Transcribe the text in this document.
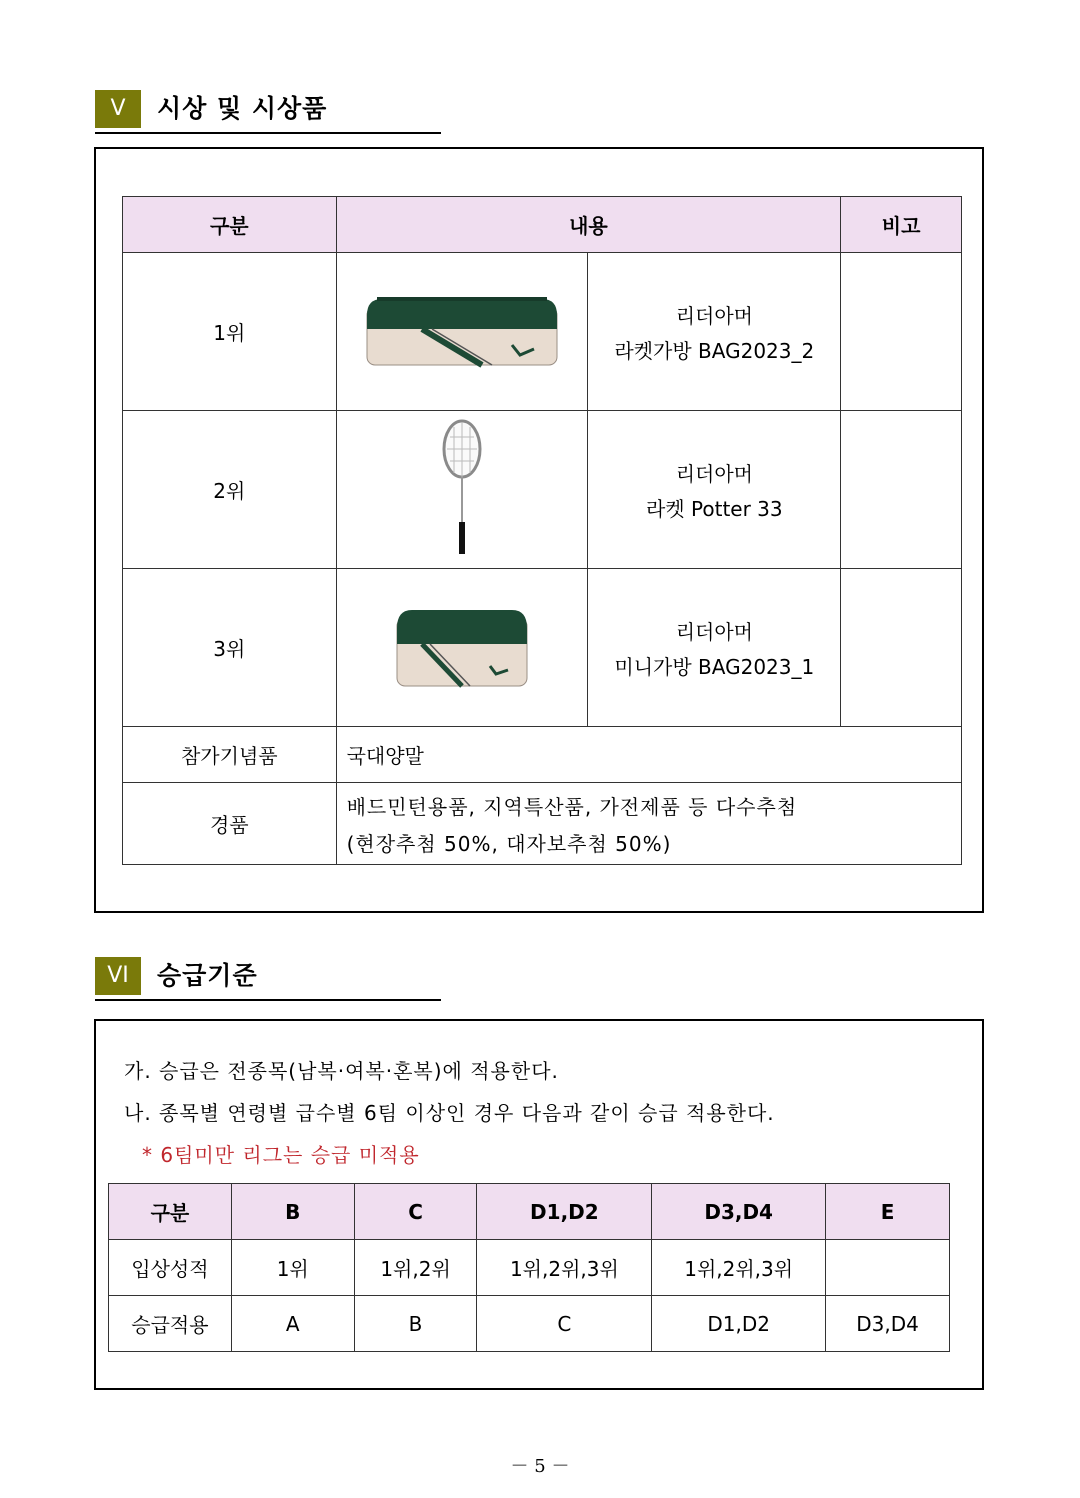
V	시상 및 시상품
구분	내용		비고
1위		리더아머
라켓가방 BAG2023_2	

2위		리더아머
라켓 Potter 33	

3위		리더아머
미니가방 BAG2023_1	

참가기념품	국대양말		
경품	배드민턴용품, 지역특산품, 가전제품 등 다수추첨
(현장추첨 50%, 대자보추첨 50%)		
VI	승급기준
가. 승급은 전종목(남복·여복·혼복)에 적용한다.
나. 종목별 연령별 급수별 6팀 이상인 경우 다음과 같이 승급 적용한다.
* 6팀미만 리그는 승급 미적용
구분	B	C	D1,D2	D3,D4	E
입상성적	1위	1위,2위	1위,2위,3위	1위,2위,3위	
승급적용	A	B	C	D1,D2	D3,D4
－ 5 －
